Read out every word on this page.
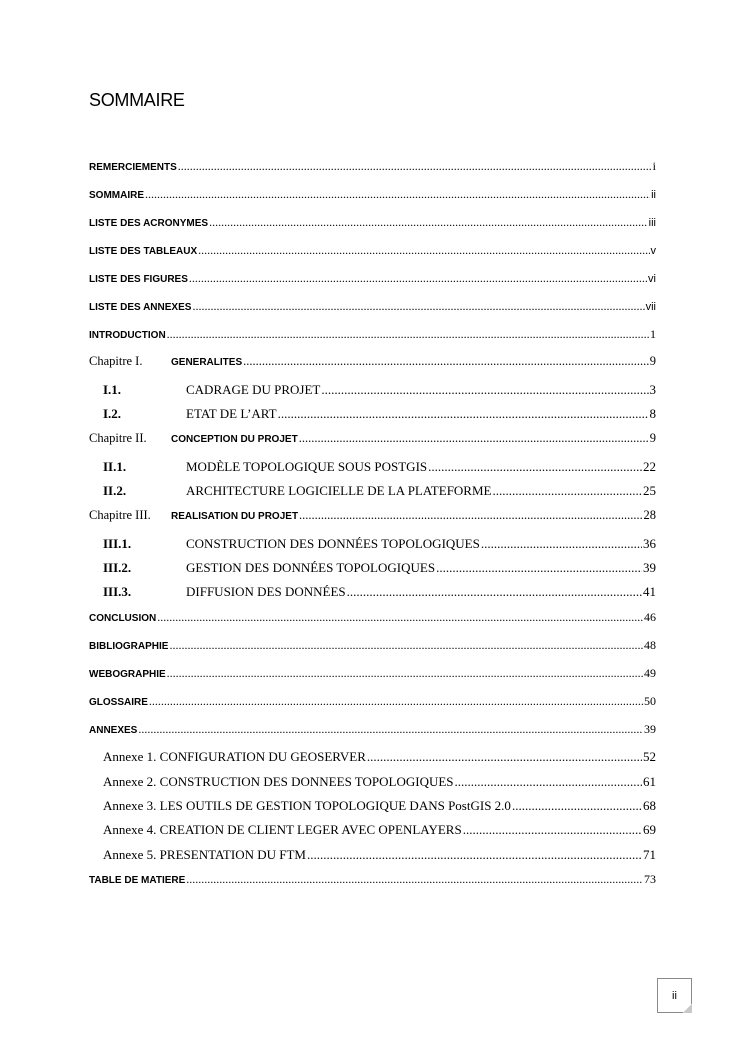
SOMMAIRE
REMERCIEMENTS .....	i
SOMMAIRE .....	ii
LISTE DES ACRONYMES .....	iii
LISTE DES TABLEAUX .....	v
LISTE DES FIGURES .....	vi
LISTE DES ANNEXES .....	vii
INTRODUCTION .....	1
Chapitre I.	GENERALITES .....	9
I.1.	CADRAGE DU PROJET .....	3
I.2.	ETAT DE L’ART .....	8
Chapitre II.	CONCEPTION DU PROJET .....	9
II.1.	MODÈLE TOPOLOGIQUE SOUS POSTGIS .....	22
II.2.	ARCHITECTURE LOGICIELLE DE LA PLATEFORME .....	25
Chapitre III.	REALISATION DU PROJET .....	28
III.1.	CONSTRUCTION DES DONNÉES TOPOLOGIQUES .....	36
III.2.	GESTION DES DONNÉES TOPOLOGIQUES .....	39
III.3.	DIFFUSION DES DONNÉES .....	41
CONCLUSION .....	46
BIBLIOGRAPHIE .....	48
WEBOGRAPHIE .....	49
GLOSSAIRE .....	50
ANNEXES .....	39
Annexe 1. CONFIGURATION DU GEOSERVER .....	52
Annexe 2. CONSTRUCTION DES DONNEES TOPOLOGIQUES .....	61
Annexe 3. LES OUTILS DE GESTION TOPOLOGIQUE DANS PostGIS 2.0 .....	68
Annexe 4. CREATION DE CLIENT LEGER AVEC OPENLAYERS .....	69
Annexe 5. PRESENTATION DU FTM .....	71
TABLE DE MATIERE .....	73
ii
